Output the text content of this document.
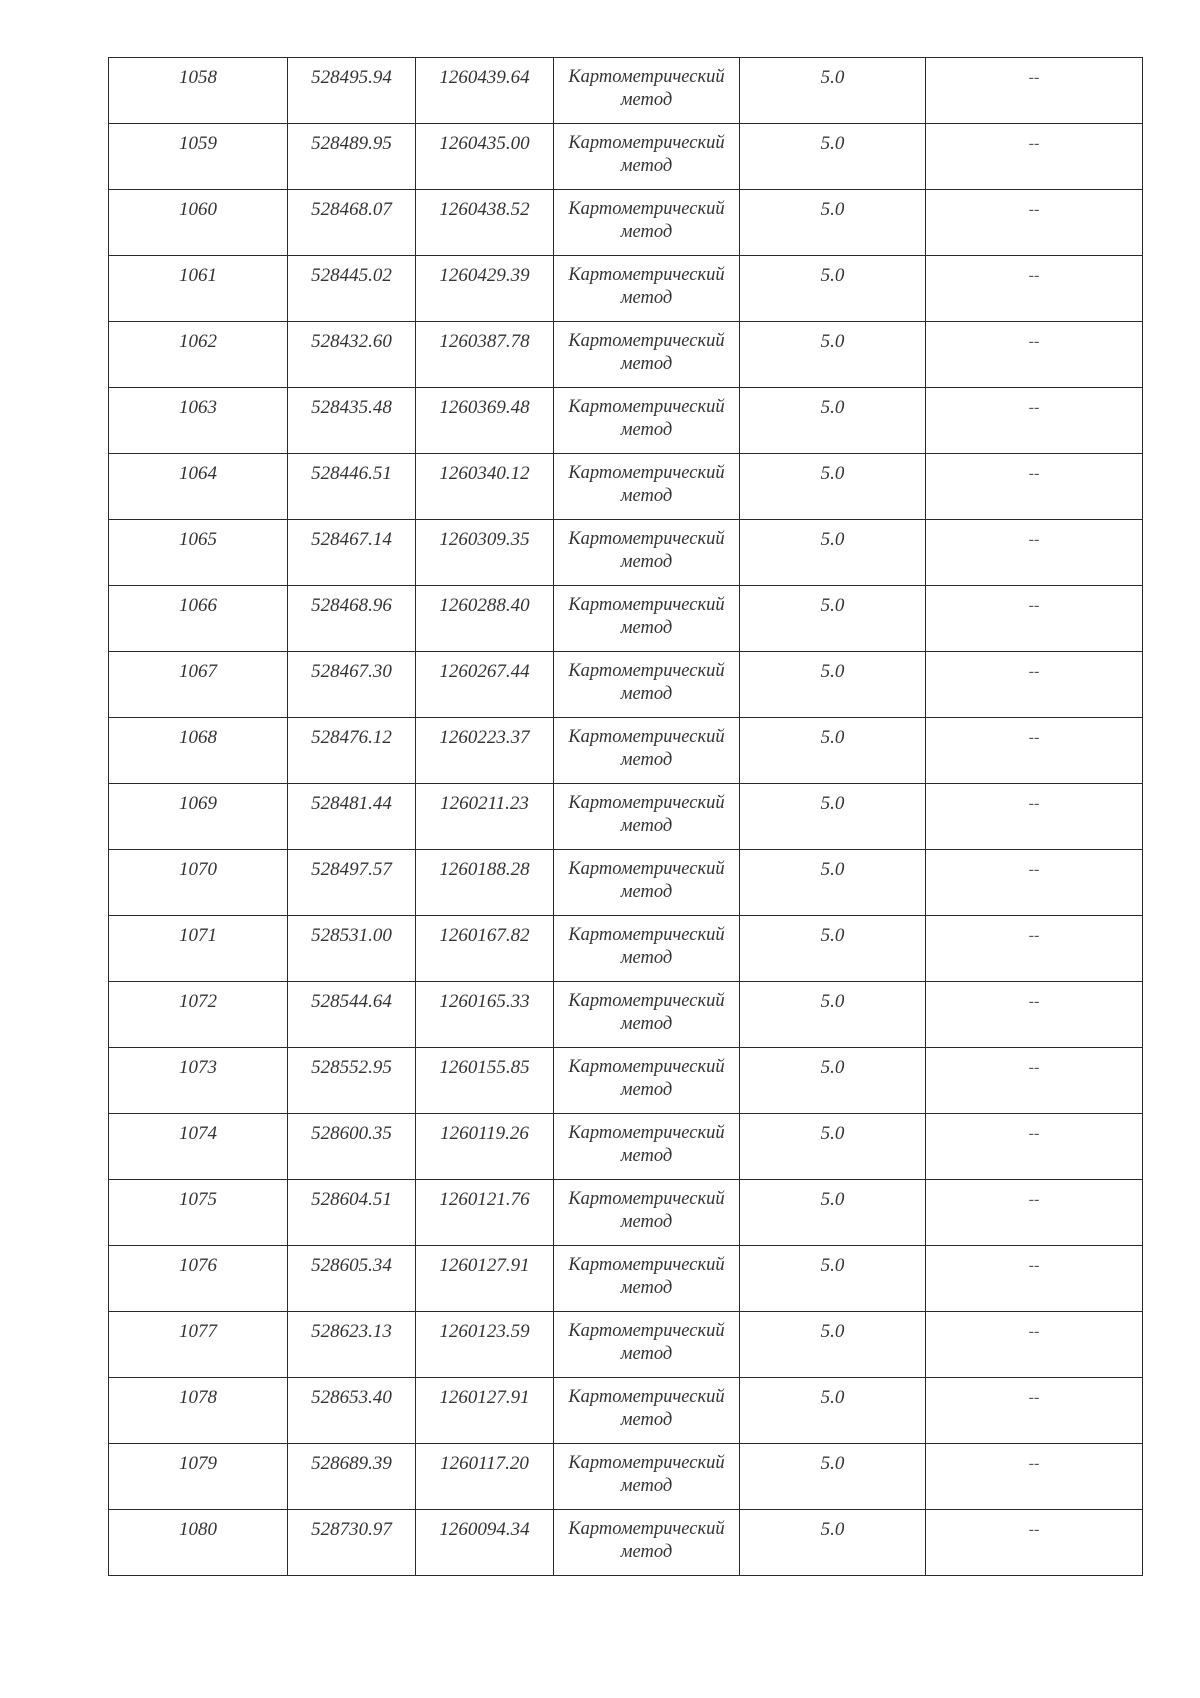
1058	528495.94	1260439.64	Картометрический
метод	5.0	--
1059	528489.95	1260435.00	Картометрический
метод	5.0	--
1060	528468.07	1260438.52	Картометрический
метод	5.0	--
1061	528445.02	1260429.39	Картометрический
метод	5.0	--
1062	528432.60	1260387.78	Картометрический
метод	5.0	--
1063	528435.48	1260369.48	Картометрический
метод	5.0	--
1064	528446.51	1260340.12	Картометрический
метод	5.0	--
1065	528467.14	1260309.35	Картометрический
метод	5.0	--
1066	528468.96	1260288.40	Картометрический
метод	5.0	--
1067	528467.30	1260267.44	Картометрический
метод	5.0	--
1068	528476.12	1260223.37	Картометрический
метод	5.0	--
1069	528481.44	1260211.23	Картометрический
метод	5.0	--
1070	528497.57	1260188.28	Картометрический
метод	5.0	--
1071	528531.00	1260167.82	Картометрический
метод	5.0	--
1072	528544.64	1260165.33	Картометрический
метод	5.0	--
1073	528552.95	1260155.85	Картометрический
метод	5.0	--
1074	528600.35	1260119.26	Картометрический
метод	5.0	--
1075	528604.51	1260121.76	Картометрический
метод	5.0	--
1076	528605.34	1260127.91	Картометрический
метод	5.0	--
1077	528623.13	1260123.59	Картометрический
метод	5.0	--
1078	528653.40	1260127.91	Картометрический
метод	5.0	--
1079	528689.39	1260117.20	Картометрический
метод	5.0	--
1080	528730.97	1260094.34	Картометрический
метод	5.0	--
